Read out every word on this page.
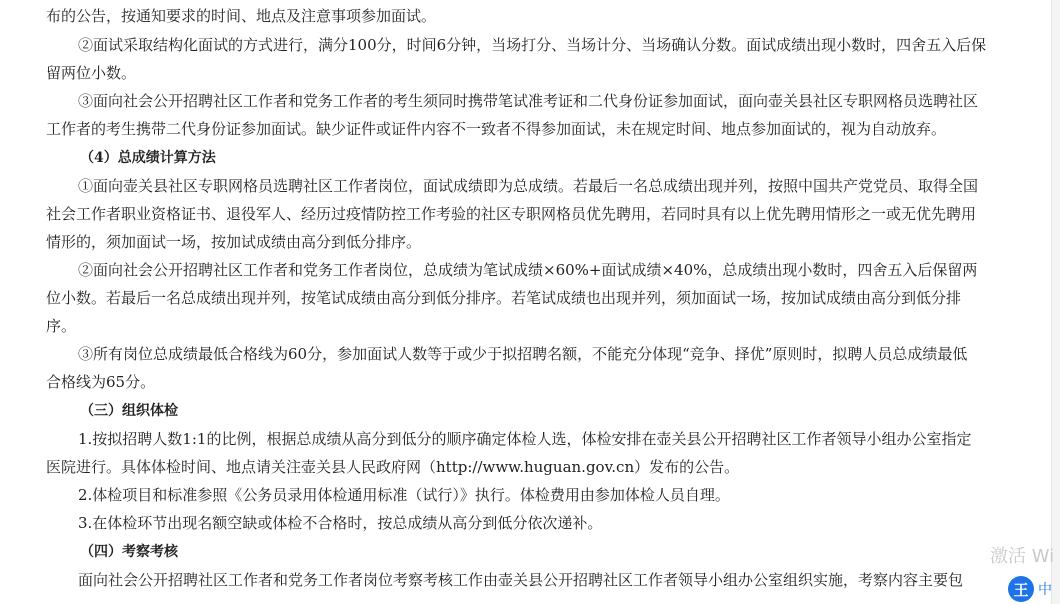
布的公告，按通知要求的时间、地点及注意事项参加面试。
②面试采取结构化面试的方式进行，满分100分，时间6分钟，当场打分、当场计分、当场确认分数。面试成绩出现小数时，四舍五入后保
留两位小数。
③面向社会公开招聘社区工作者和党务工作者的考生须同时携带笔试准考证和二代身份证参加面试，面向壶关县社区专职网格员选聘社区
工作者的考生携带二代身份证参加面试。缺少证件或证件内容不一致者不得参加面试，未在规定时间、地点参加面试的，视为自动放弃。
（4）总成绩计算方法
①面向壶关县社区专职网格员选聘社区工作者岗位，面试成绩即为总成绩。若最后一名总成绩出现并列，按照中国共产党党员、取得全国
社会工作者职业资格证书、退役军人、经历过疫情防控工作考验的社区专职网格员优先聘用，若同时具有以上优先聘用情形之一或无优先聘用
情形的，须加面试一场，按加试成绩由高分到低分排序。
②面向社会公开招聘社区工作者和党务工作者岗位，总成绩为笔试成绩×60%+面试成绩×40%，总成绩出现小数时，四舍五入后保留两
位小数。若最后一名总成绩出现并列，按笔试成绩由高分到低分排序。若笔试成绩也出现并列，须加面试一场，按加试成绩由高分到低分排
序。
③所有岗位总成绩最低合格线为60分，参加面试人数等于或少于拟招聘名额，不能充分体现“竞争、择优”原则时，拟聘人员总成绩最低
合格线为65分。
（三）组织体检
1.按拟招聘人数1:1的比例，根据总成绩从高分到低分的顺序确定体检人选，体检安排在壶关县公开招聘社区工作者领导小组办公室指定
医院进行。具体体检时间、地点请关注壶关县人民政府网（http://www.huguan.gov.cn）发布的公告。
2.体检项目和标准参照《公务员录用体检通用标准（试行）》执行。体检费用由参加体检人员自理。
3.在体检环节出现名额空缺或体检不合格时，按总成绩从高分到低分依次递补。
（四）考察考核
面向社会公开招聘社区工作者和党务工作者岗位考察考核工作由壶关县公开招聘社区工作者领导小组办公室组织实施，考察内容主要包
激活 Wi
王 中
